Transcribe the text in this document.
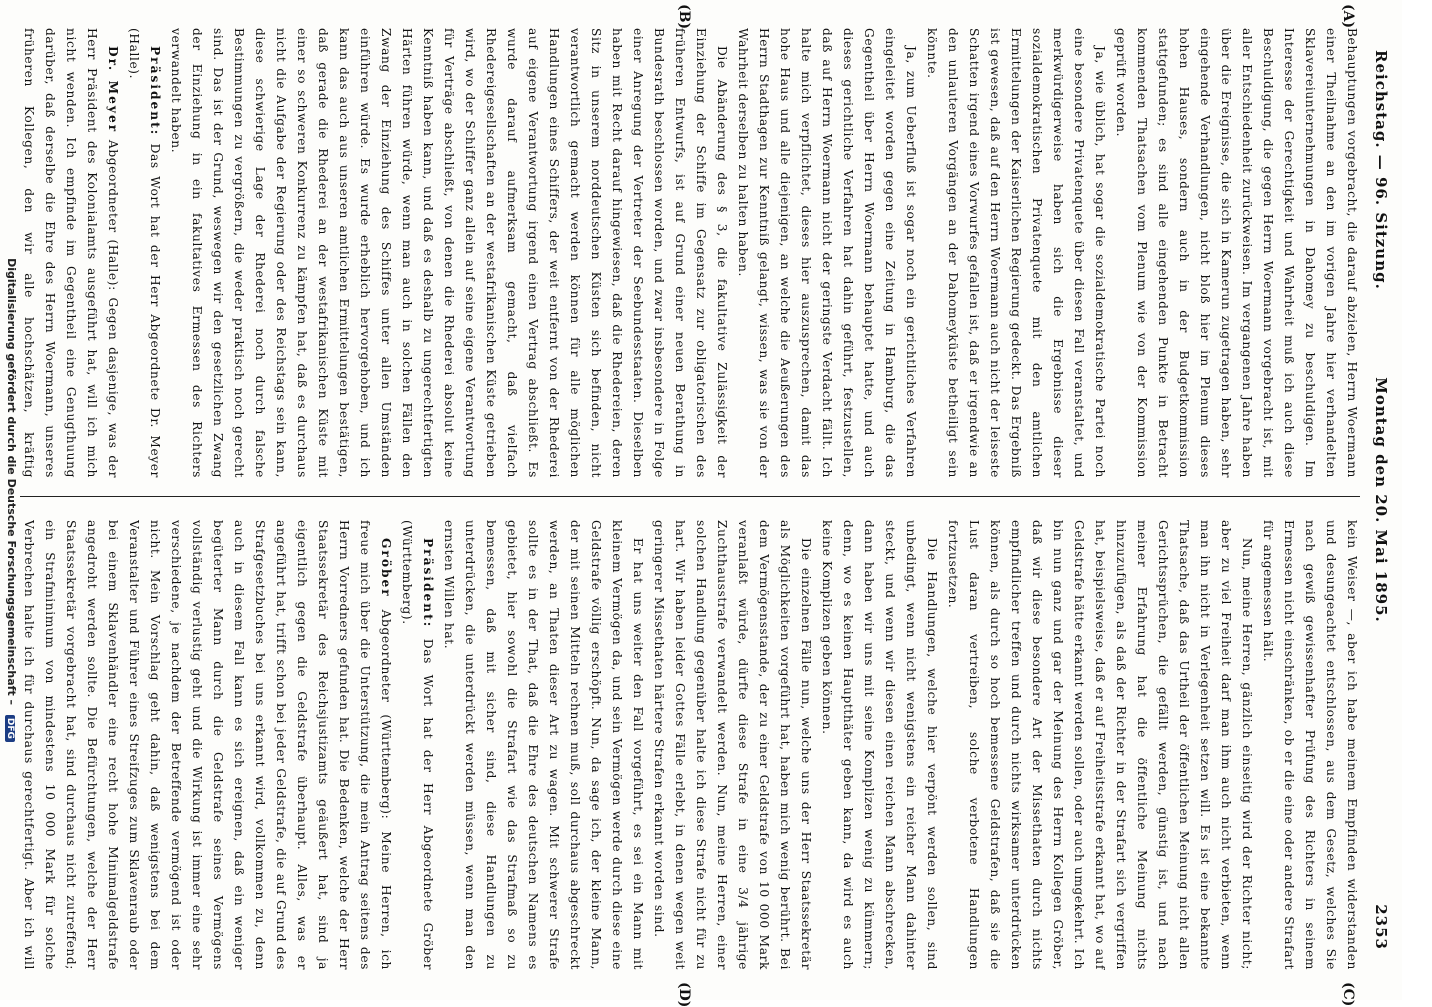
Reichstag. — 96. Sitzung.
Montag den 20. Mai 1895.
2353
(A)
(B)
(C)
(D)

Behauptungen vorgebracht, die darauf abzielen, Herrn Woermann einer Theilnahme an den im vorigen Jahre hier verhandelten Sklavereiunternehmungen in Dahomey zu beschuldigen. Im Interesse der Gerechtigkeit und Wahrheit muß ich auch diese Beschuldigung, die gegen Herrn Woermann vorgebracht ist, mit aller Entschiedenheit zurückweisen. Im vergangenen Jahre haben über die Ereignisse, die sich in Kamerun zugetragen haben, sehr eingehende Verhandlungen, nicht bloß hier im Plenum dieses hohen Hauses, sondern auch in der Budgetkommission stattgefunden; es sind alle eingehenden Punkte in Betracht kommenden Thatsachen vom Plenum wie von der Kommission geprüft worden.

Ja, wie üblich, hat sogar die sozialdemokratische Partei noch eine besondere Privatenquete über diesen Fall veranstaltet, und merkwürdigerweise haben sich die Ergebnisse dieser sozialdemokratischen Privatenquete mit den amtlichen Ermittelungen der Kaiserlichen Regierung gedeckt. Das Ergebniß ist gewesen, daß auf den Herrn Woermann auch nicht der leiseste Schatten irgend eines Vorwurfes gefallen ist, daß er irgendwie an den unlauteren Vorgängen an der Dahomeyküste betheiligt sein könnte.

Ja, zum Ueberfluß ist sogar noch ein gerichtliches Verfahren eingeleitet worden gegen eine Zeitung in Hamburg, die das Gegentheil über Herrn Woermann behauptet hatte, und auch dieses gerichtliche Verfahren hat dahin geführt, festzustellen, daß auf Herrn Woermann nicht der geringste Verdacht fällt. Ich halte mich verpflichtet, dieses hier auszusprechen, damit das hohe Haus und alle diejenigen, an welche die Aeußerungen des Herrn Stadthagen zur Kenntniß gelangt, wissen, was sie von der Wahrheit derselben zu halten haben.

Die Abänderung des § 3, die fakultative Zulässigkeit der Einziehung der Schiffe im Gegensatz zur obligatorischen des früheren Entwurfs, ist auf Grund einer neuen Berathung in Bundesrath beschlossen worden, und zwar insbesondere in Folge einer Anregung der Vertreter der Seebundesstaaten. Dieselben haben mit Recht darauf hingewiesen, daß die Rhedereien, deren Sitz in unserem norddeutschen Küsten sich befinden, nicht verantwortlich gemacht werden können für alle möglichen Handlungen eines Schiffers, der weit entfernt von der Rhederei auf eigene Verantwortung irgend einen Vertrag abschließt. Es wurde darauf aufmerksam gemacht, daß vielfach Rhedereigesellschaften an der westafrikanischen Küste getrieben wird, wo der Schiffer ganz allein auf seine eigene Verantwortung für Verträge abschließt, von denen die Rhederei absolut keine Kenntniß haben kann, und daß es deshalb zu ungerechtfertigten Härten führen würde, wenn man auch in solchen Fällen den Zwang der Einziehung des Schiffes unter allen Umständen einführen würde. Es wurde erheblich hervorgehoben, und ich kann das auch aus unseren amtlichen Ermittelungen bestätigen, daß gerade die Rhederei an der westafrikanischen Küste mit einer so schweren Konkurrenz zu kämpfen hat, daß es durchaus nicht die Aufgabe der Regierung oder des Reichstags sein kann, diese schwierige Lage der Rhederei noch durch falsche Bestimmungen zu vergrößern, die weder praktisch noch gerecht sind. Das ist der Grund, weswegen wir den gesetzlichen Zwang der Einziehung in ein fakultatives Ermessen des Richters verwandelt haben.

Präsident: Das Wort hat der Herr Abgeordnete Dr. Meyer (Halle).

Dr. Meyer Abgeordneter (Halle): Gegen dasjenige, was der Herr Präsident des Kolonialamts ausgeführt hat, will ich mich nicht wenden. Ich empfinde im Gegentheil eine Genugthuung darüber, daß derselbe die Ehre des Herrn Woermann, unseres früheren Kollegen, den wir alle hochschätzen, kräftig

kein Weiser —, aber ich habe meinem Empfinden widerstanden und desungeachtet entschlossen, aus dem Gesetz, welches Sie nach gewiß gewissenhafter Prüfung des Richters in seinem Ermessen nicht einschränken, ob er die eine oder andere Strafart für angemessen hält.

Nun, meine Herren, gänzlich einseitig wird der Richter nicht; aber zu viel Freiheit darf man ihm auch nicht verbieten, wenn man ihn nicht in Verlegenheit setzen will. Es ist eine bekannte Thatsache, daß das Urtheil der öffentlichen Meinung nicht allen Gerichtssprüchen, die gefällt werden, günstig ist, und nach meiner Erfahrung hat die öffentliche Meinung nichts hinzuzufügen, als daß der Richter in der Strafart sich vergriffen hat, beispielsweise, daß er auf Freiheitsstrafe erkannt hat, wo auf Geldstrafe hätte erkannt werden sollen, oder auch umgekehrt. Ich bin nun ganz und gar der Meinung des Herrn Kollegen Gröber, daß wir diese besondere Art der Missethaten durch nichts empfindlicher treffen und durch nichts wirksamer unterdrücken können, als durch so hoch bemessene Geldstrafen, daß sie die Lust daran vertreiben, solche verbotene Handlungen fortzusetzen.

Die Handlungen, welche hier verpönt werden sollen, sind unbedingt, wenn nicht wenigstens ein reicher Mann dahinter steckt, und wenn wir diesen einen reichen Mann abschrecken, dann haben wir uns mit seine Komplizen wenig zu kümmern; denn, wo es keinen Hauptthäter geben kann, da wird es auch keine Komplizen geben können.

Die einzelnen Fälle nun, welche uns der Herr Staatssekretär als Möglichkeiten vorgeführt hat, haben mich wenig berührt. Bei dem Vermögensstande, der zu einer Geldstrafe von 10 000 Mark veranlaßt würde, dürfte diese Strafe in eine 3/4 jährige Zuchthausstrafe verwandelt werden. Nun, meine Herren, einer solchen Handlung gegenüber halte ich diese Strafe nicht für zu hart. Wir haben leider Gottes Fälle erlebt, in denen wegen weit geringerer Missethaten härtere Strafen erkannt worden sind.

Er hat uns weiter den Fall vorgeführt, es sei ein Mann mit kleinem Vermögen da, und sein Vermögen werde durch diese eine Geldstrafe völlig erschöpft. Nun, da sage ich, der kleine Mann, der mit seinen Mitteln rechnen muß, soll durchaus abgeschreckt werden, an Thaten dieser Art zu wagen. Mit schwerer Strafe sollte es in der That, daß die Ehre des deutschen Namens es gebietet, hier sowohl die Strafart wie das Strafmaß so zu bemessen, daß mit sicher sind, diese Handlungen zu unterdrücken, die unterdrückt werden müssen, wenn man den ernsten Willen hat.

Präsident: Das Wort hat der Herr Abgeordnete Gröber (Württemberg).

Gröber Abgeordneter (Württemberg): Meine Herren, ich freue mich über die Unterstützung, die mein Antrag seitens des Herrn Vorredners gefunden hat. Die Bedenken, welche der Herr Staatssekretär des Reichsjustizamts geäußert hat, sind ja eigentlich gegen die Geldstrafe überhaupt. Alles, was er angeführt hat, trifft schon bei jeder Geldstrafe, die auf Grund des Strafgesetzbuches bei uns erkannt wird, vollkommen zu, denn auch in diesem Fall kann es sich ereignen, daß ein weniger begüterter Mann durch die Geldstrafe seines Vermögens vollständig verlustig geht und die Wirkung ist immer eine sehr verschiedene, je nachdem der Betreffende vermögend ist oder nicht. Mein Vorschlag geht dahin, daß wenigstens bei dem Veranstalter und Führer eines Streifzuges zum Sklavenraub oder bei einem Sklavenhändler eine recht hohe Minimalgeldstrafe angedroht werden sollte. Die Befürchtungen, welche der Herr Staatssekretär vorgebracht hat, sind durchaus nicht zutreffend; ein Strafminimum von mindestens 10 000 Mark für solche Verbrechen halte ich für durchaus gerechtfertigt. Aber ich will

Digitalisierung gefördert durch die Deutsche Forschungsgemeinschaft – DFG
